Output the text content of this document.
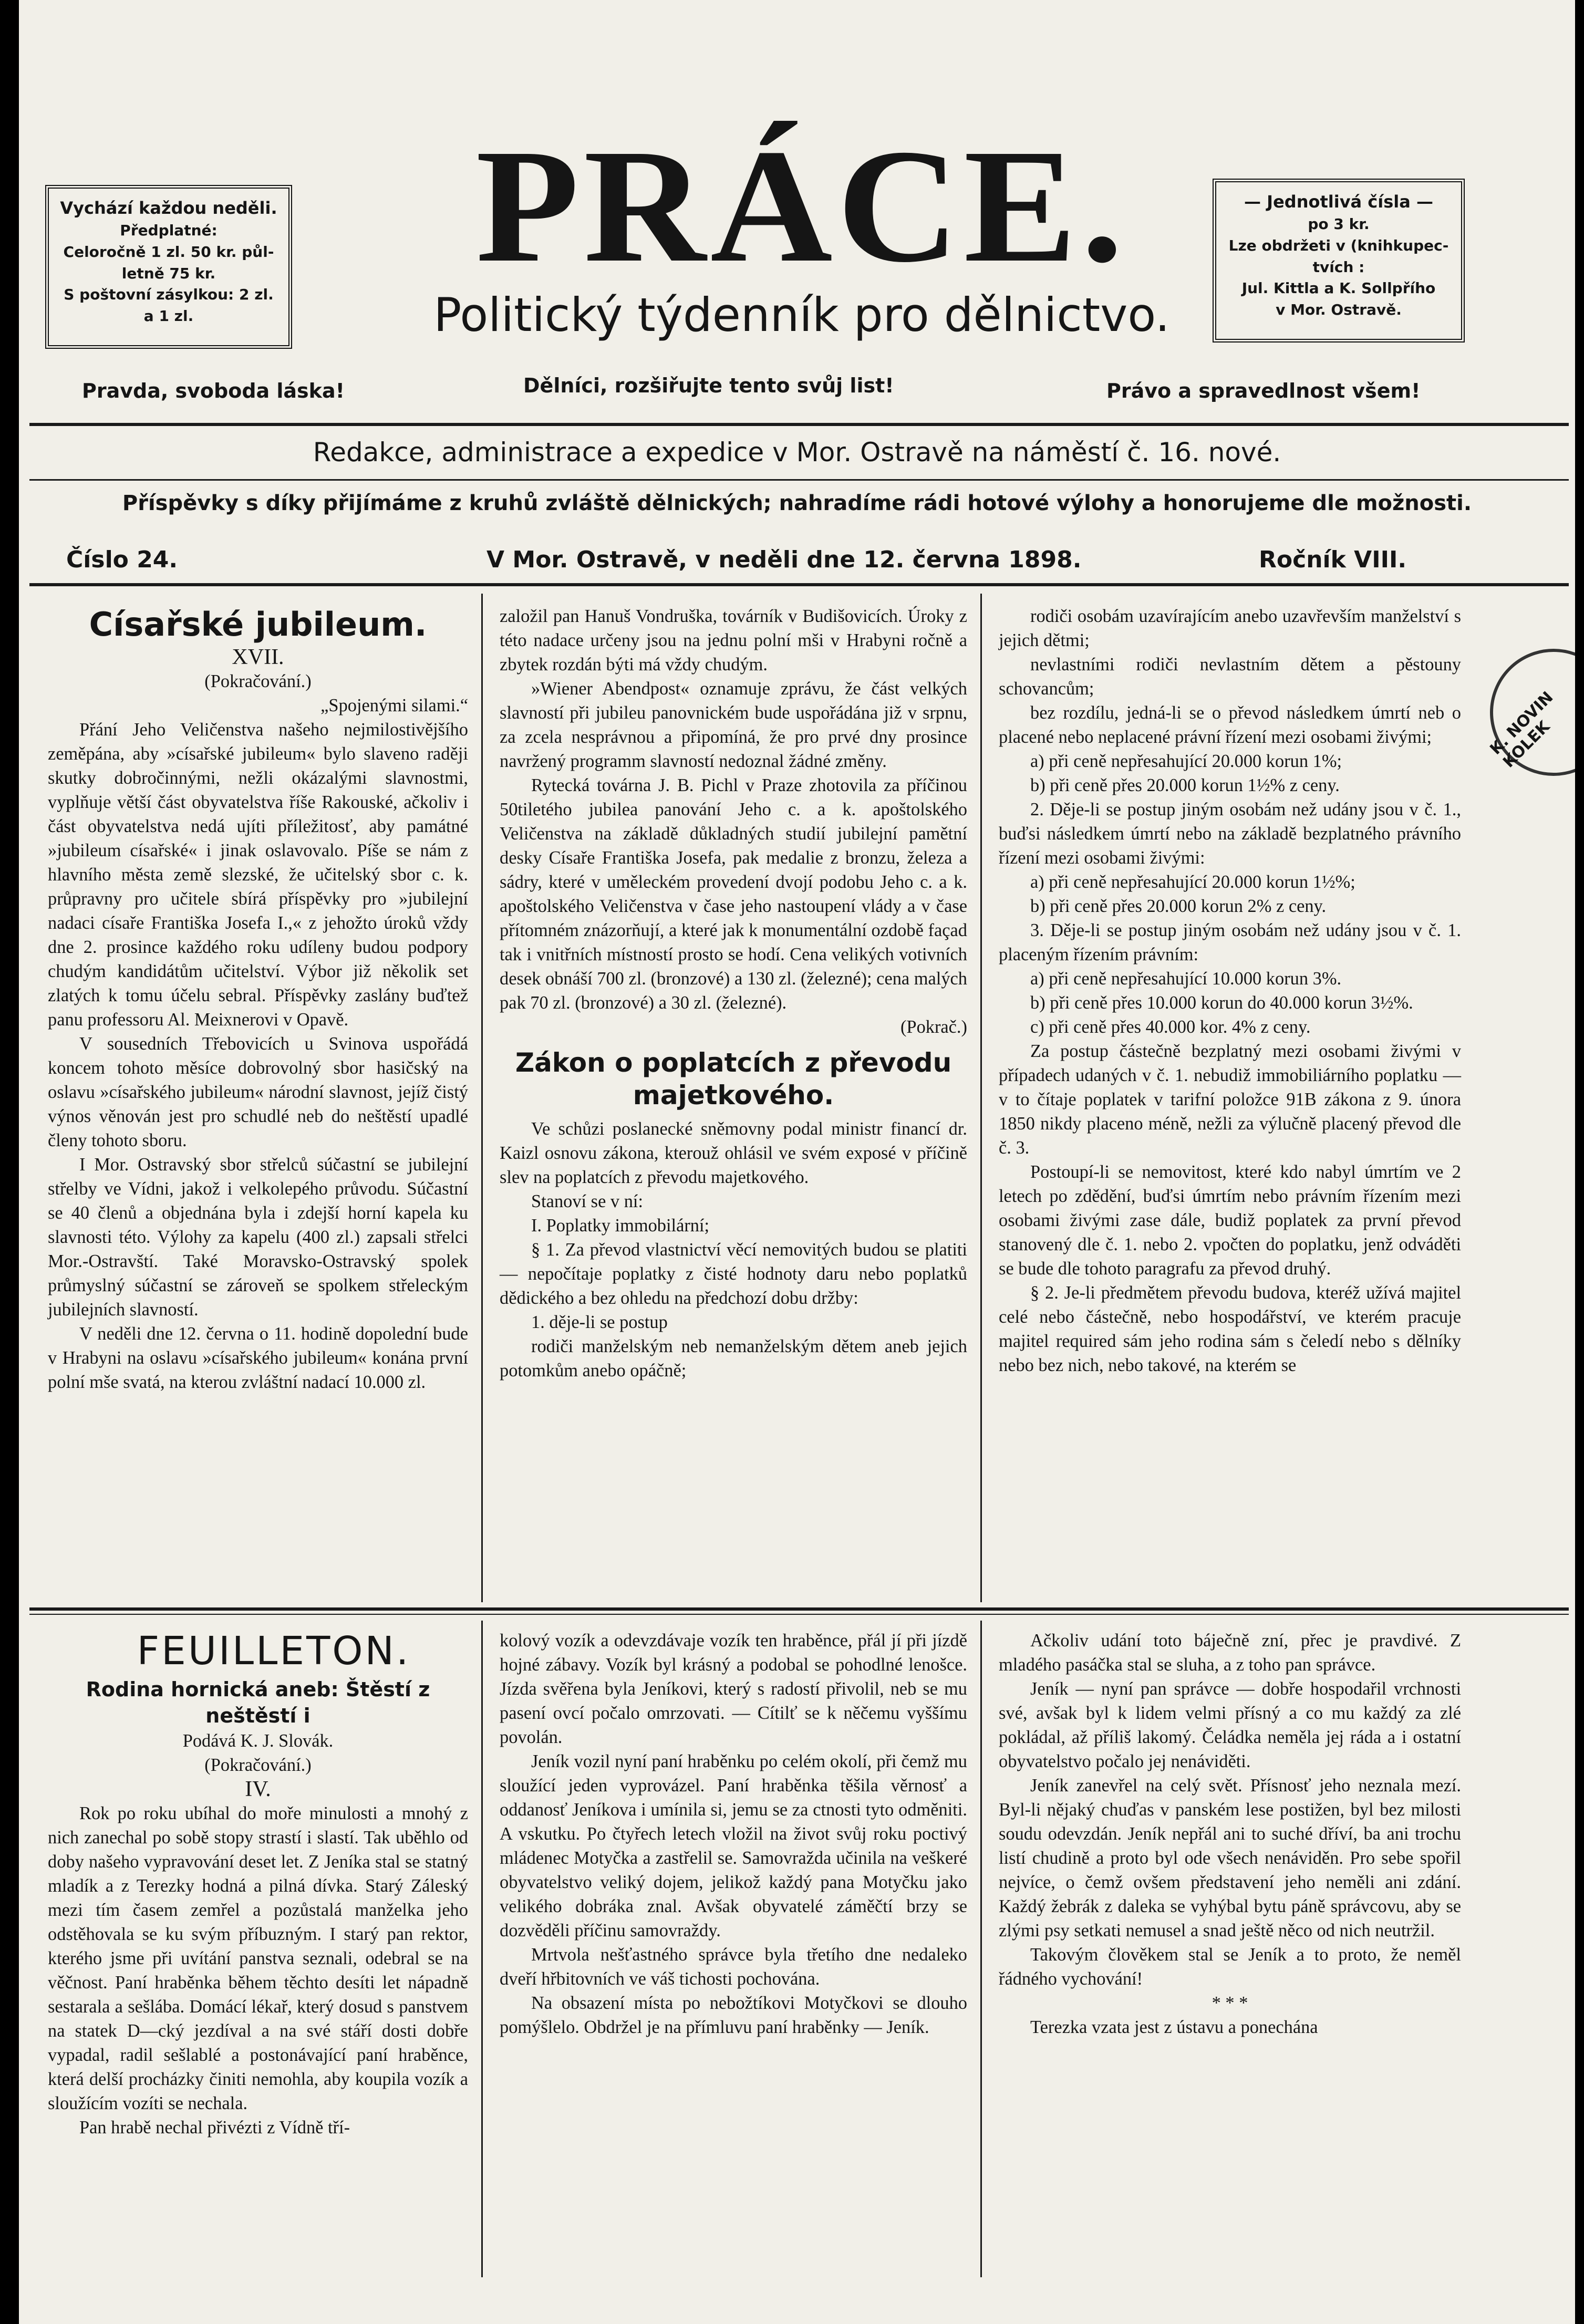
Vychází každou neděli.
Předplatné:
Celoročně 1 zl. 50 kr. půl-
letně 75 kr.
S poštovní zásylkou: 2 zl.
a 1 zl.
PRÁCE.
Politický týdenník pro dělnictvo.
— Jednotlivá čísla —
po 3 kr.
Lze obdržeti v (knihkupec-
tvích :
Jul. Kittla a K. Sollpřího
v Mor. Ostravě.
Pravda, svoboda láska!	Dělníci, rozšiřujte tento svůj list!	Právo a spravedlnost všem!
Redakce, administrace a expedice v Mor. Ostravě na náměstí č. 16. nové.
Příspěvky s díky přijímáme z kruhů zvláště dělnických; nahradíme rádi hotové výlohy a honorujeme dle možnosti.
Číslo 24.	V Mor. Ostravě, v neděli dne 12. června 1898.	Ročník VIII.
Císařské jubileum.

XVII.

(Pokračování.)

„Spojenými silami.“

Přání Jeho Veličenstva našeho nejmilostivějšího zeměpána, aby »císařské jubileum« bylo slaveno raději skutky dobročinnými, nežli okázalými slavnostmi, vyplňuje větší část obyvatelstva říše Rakouské, ačkoliv i část obyvatelstva nedá ujíti příležitosť, aby památné »jubileum císařské« i jinak oslavovalo. Píše se nám z hlavního města země slezské, že učitelský sbor c. k. průpravny pro učitele sbírá příspěvky pro »jubilejní nadaci císaře Františka Josefa I.,« z jehožto úroků vždy dne 2. prosince každého roku udíleny budou podpory chudým kandidátům učitelství. Výbor již několik set zlatých k tomu účelu sebral. Příspěvky zaslány buďtež panu professoru Al. Meixnerovi v Opavě.

V sousedních Třebovicích u Svinova uspořádá koncem tohoto měsíce dobrovolný sbor hasičský na oslavu »císařského jubileum« národní slavnost, jejíž čistý výnos věnován jest pro schudlé neb do neštěstí upadlé členy tohoto sboru.

I Mor. Ostravský sbor střelců súčastní se jubilejní střelby ve Vídni, jakož i velkolepého průvodu. Súčastní se 40 členů a objednána byla i zdejší horní kapela ku slavnosti této. Výlohy za kapelu (400 zl.) zapsali střelci Mor.-Ostravští. Také Moravsko-Ostravský spolek průmyslný súčastní se zároveň se spolkem střeleckým jubilejních slavností.

V neděli dne 12. června o 11. hodině dopolední bude v Hrabyni na oslavu »císařského jubileum« konána první polní mše svatá, na kterou zvláštní nadací 10.000 zl.

založil pan Hanuš Vondruška, továrník v Budišovicích. Úroky z této nadace určeny jsou na jednu polní mši v Hrabyni ročně a zbytek rozdán býti má vždy chudým.

»Wiener Abendpost« oznamuje zprávu, že část velkých slavností při jubileu panovnickém bude uspořádána již v srpnu, za zcela nesprávnou a připomíná, že pro prvé dny prosince navržený programm slavností nedoznal žádné změny.

Rytecká továrna J. B. Pichl v Praze zhotovila za příčinou 50tiletého jubilea panování Jeho c. a k. apoštolského Veličenstva na základě důkladných studií jubilejní pamětní desky Císaře Františka Josefa, pak medalie z bronzu, železa a sádry, které v uměleckém provedení dvojí podobu Jeho c. a k. apoštolského Veličenstva v čase jeho nastoupení vlády a v čase přítomném znázorňují, a které jak k monumentální ozdobě façad tak i vnitřních místností prosto se hodí. Cena velikých votivních desek obnáší 700 zl. (bronzové) a 130 zl. (železné); cena malých pak 70 zl. (bronzové) a 30 zl. (železné).

(Pokrač.)

Zákon o poplatcích z převodu majetkového.

Ve schůzi poslanecké sněmovny podal ministr financí dr. Kaizl osnovu zákona, kterouž ohlásil ve svém exposé v příčině slev na poplatcích z převodu majetkového.

Stanoví se v ní:

I. Poplatky immobilární;

§ 1. Za převod vlastnictví věcí nemovitých budou se platiti — nepočítaje poplatky z čisté hodnoty daru nebo poplatků dědického a bez ohledu na předchozí dobu držby:

1. děje-li se postup

rodiči manželským neb nemanželským dětem aneb jejich potomkům anebo opáčně;

rodiči osobám uzavírajícím anebo uzavřevším manželství s jejich dětmi;

nevlastními rodiči nevlastním dětem a pěstouny schovancům;

bez rozdílu, jedná-li se o převod následkem úmrtí neb o placené nebo neplacené právní řízení mezi osobami živými;

a) při ceně nepřesahující 20.000 korun 1%;

b) při ceně přes 20.000 korun 1½% z ceny.

2. Děje-li se postup jiným osobám než udány jsou v č. 1., buďsi následkem úmrtí nebo na základě bezplatného právního řízení mezi osobami živými:

a) při ceně nepřesahující 20.000 korun 1½%;

b) při ceně přes 20.000 korun 2% z ceny.

3. Děje-li se postup jiným osobám než udány jsou v č. 1. placeným řízením právním:

a) při ceně nepřesahující 10.000 korun 3%.

b) při ceně přes 10.000 korun do 40.000 korun 3½%.

c) při ceně přes 40.000 kor. 4% z ceny.

Za postup částečně bezplatný mezi osobami živými v případech udaných v č. 1. nebudiž immobiliárního poplatku — v to čítaje poplatek v tarifní položce 91B zákona z 9. února 1850 nikdy placeno méně, nežli za výlučně placený převod dle č. 3.

Postoupí-li se nemovitost, které kdo nabyl úmrtím ve 2 letech po zdědění, buďsi úmrtím nebo právním řízením mezi osobami živými zase dále, budiž poplatek za první převod stanovený dle č. 1. nebo 2. vpočten do poplatku, jenž odváděti se bude dle tohoto paragrafu za převod druhý.

§ 2. Je-li předmětem převodu budova, kteréž užívá majitel celé nebo částečně, nebo hospodářství, ve kterém pracuje majitel required sám jeho rodina sám s čeledí nebo s dělníky nebo bez nich, nebo takové, na kterém se

FEUILLETON.

Rodina hornická aneb: Štěstí z neštěstí i

Podává K. J. Slovák.

(Pokračování.)

IV.

Rok po roku ubíhal do moře minulosti a mnohý z nich zanechal po sobě stopy strastí i slastí. Tak uběhlo od doby našeho vypravování deset let. Z Jeníka stal se statný mladík a z Terezky hodná a pilná dívka. Starý Záleský mezi tím časem zemřel a pozůstalá manželka jeho odstěhovala se ku svým příbuzným. I starý pan rektor, kterého jsme při uvítání panstva seznali, odebral se na věčnost. Paní hraběnka během těchto desíti let nápadně sestarala a sešlába. Domácí lékař, který dosud s panstvem na statek D—cký jezdíval a na své stáří dosti dobře vypadal, radil sešlablé a postonávající paní hraběnce, která delší procházky činiti nemohla, aby koupila vozík a sloužícím vozíti se nechala.

Pan hrabě nechal přivézti z Vídně tří-

kolový vozík a odevzdávaje vozík ten hraběnce, přál jí při jízdě hojné zábavy. Vozík byl krásný a podobal se pohodlné lenošce. Jízda svěřena byla Jeníkovi, který s radostí přivolil, neb se mu pasení ovcí počalo omrzovati. — Cítilť se k něčemu vyššímu povolán.

Jeník vozil nyní paní hraběnku po celém okolí, při čemž mu sloužící jeden vyprovázel. Paní hraběnka těšila věrnosť a oddanosť Jeníkova i umínila si, jemu se za ctnosti tyto odměniti. A vskutku. Po čtyřech letech vložil na život svůj roku poctivý mládenec Motyčka a zastřelil se. Samovražda učinila na veškeré obyvatelstvo veliký dojem, jelikož každý pana Motyčku jako velikého dobráka znal. Avšak obyvatelé záměčtí brzy se dozvěděli příčinu samovraždy.

Mrtvola nešťastného správce byla třetího dne nedaleko dveří hřbitovních ve váš tichosti pochována.

Na obsazení místa po nebožtíkovi Motyčkovi se dlouho pomýšlelo. Obdržel je na přímluvu paní hraběnky — Jeník.

Ačkoliv udání toto báječně zní, přec je pravdivé. Z mladého pasáčka stal se sluha, a z toho pan správce.

Jeník — nyní pan správce — dobře hospodařil vrchnosti své, avšak byl k lidem velmi přísný a co mu každý za zlé pokládal, až příliš lakomý. Čeládka neměla jej ráda a i ostatní obyvatelstvo počalo jej nenáviděti.

Jeník zanevřel na celý svět. Přísnosť jeho neznala mezí. Byl-li nějaký chuďas v panském lese postižen, byl bez milosti soudu odevzdán. Jeník nepřál ani to suché dříví, ba ani trochu listí chudině a proto byl ode všech nenáviděn. Pro sebe spořil nejvíce, o čemž ovšem představení jeho neměli ani zdání. Každý žebrák z daleka se vyhýbal bytu páně správcovu, aby se zlými psy setkati nemusel a snad ještě něco od nich neutržil.

Takovým člověkem stal se Jeník a to proto, že neměl řádného vychování!

* * *

Terezka vzata jest z ústavu a ponechána

K. NOVIN KOLEK
